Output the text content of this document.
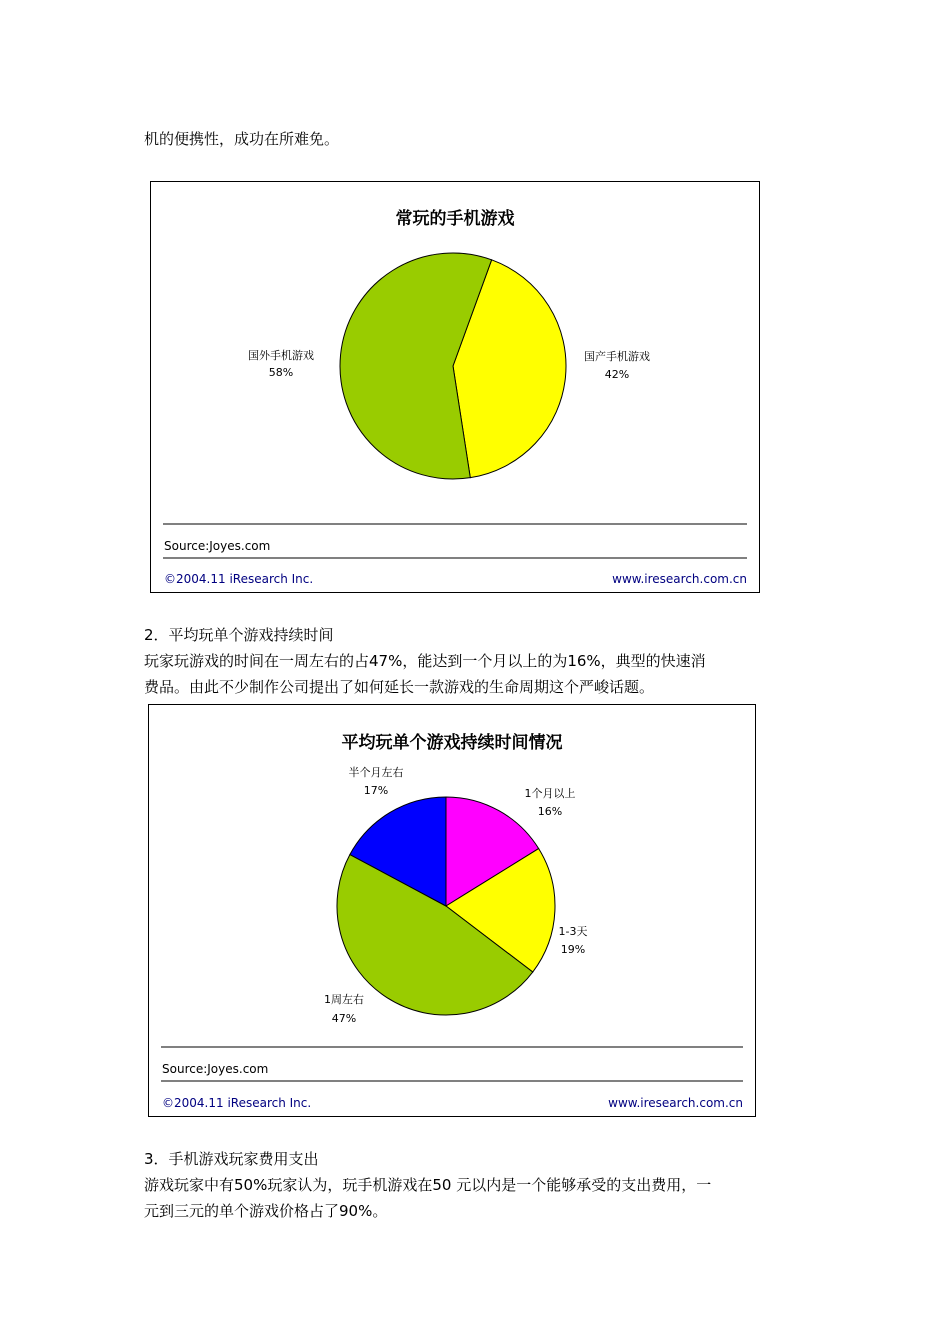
机的便携性，成功在所难免。

常玩的手机游戏
国外手机游戏
58%
国产手机游戏
42%
Source:Joyes.com
©2004.11 iResearch Inc.	www.iresearch.com.cn

2．平均玩单个游戏持续时间

玩家玩游戏的时间在一周左右的占47%，能达到一个月以上的为16%，典型的快速消

费品。由此不少制作公司提出了如何延长一款游戏的生命周期这个严峻话题。

平均玩单个游戏持续时间情况
半个月左右
17%	1个月以上
16%
1-3天
19%
1周左右
47%
Source:Joyes.com
©2004.11 iResearch Inc.	www.iresearch.com.cn

3．手机游戏玩家费用支出

游戏玩家中有50%玩家认为，玩手机游戏在50 元以内是一个能够承受的支出费用，一

元到三元的单个游戏价格占了90%。
